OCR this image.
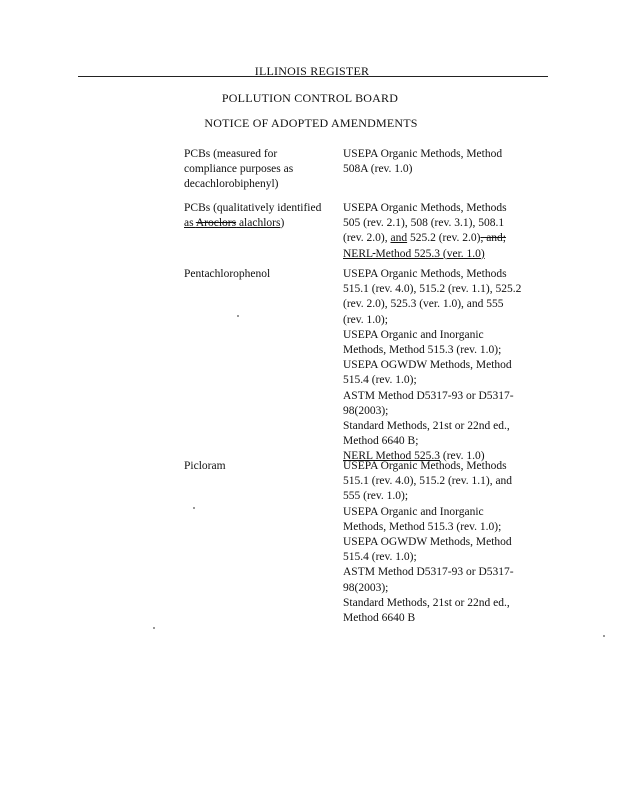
ILLINOIS REGISTER
POLLUTION CONTROL BOARD
NOTICE OF ADOPTED AMENDMENTS
PCBs (measured for
compliance purposes as
decachlorobiphenyl)
USEPA Organic Methods, Method
508A (rev. 1.0)
PCBs (qualitatively identified
as Aroclors alachlors)
USEPA Organic Methods, Methods
505 (rev. 2.1), 508 (rev. 3.1), 508.1
(rev. 2.0), and 525.2 (rev. 2.0), and;
NERL Method 525.3 (ver. 1.0)
Pentachlorophenol	USEPA Organic Methods, Methods
515.1 (rev. 4.0), 515.2 (rev. 1.1), 525.2
(rev. 2.0), 525.3 (ver. 1.0), and 555
(rev. 1.0);
USEPA Organic and Inorganic
Methods, Method 515.3 (rev. 1.0);
USEPA OGWDW Methods, Method
515.4 (rev. 1.0);
ASTM Method D5317-93 or D5317-
98(2003);
Standard Methods, 21st or 22nd ed.,
Method 6640 B;
NERL Method 525.3 (rev. 1.0)
Picloram	USEPA Organic Methods, Methods
515.1 (rev. 4.0), 515.2 (rev. 1.1), and
555 (rev. 1.0);
USEPA Organic and Inorganic
Methods, Method 515.3 (rev. 1.0);
USEPA OGWDW Methods, Method
515.4 (rev. 1.0);
ASTM Method D5317-93 or D5317-
98(2003);
Standard Methods, 21st or 22nd ed.,
Method 6640 B
